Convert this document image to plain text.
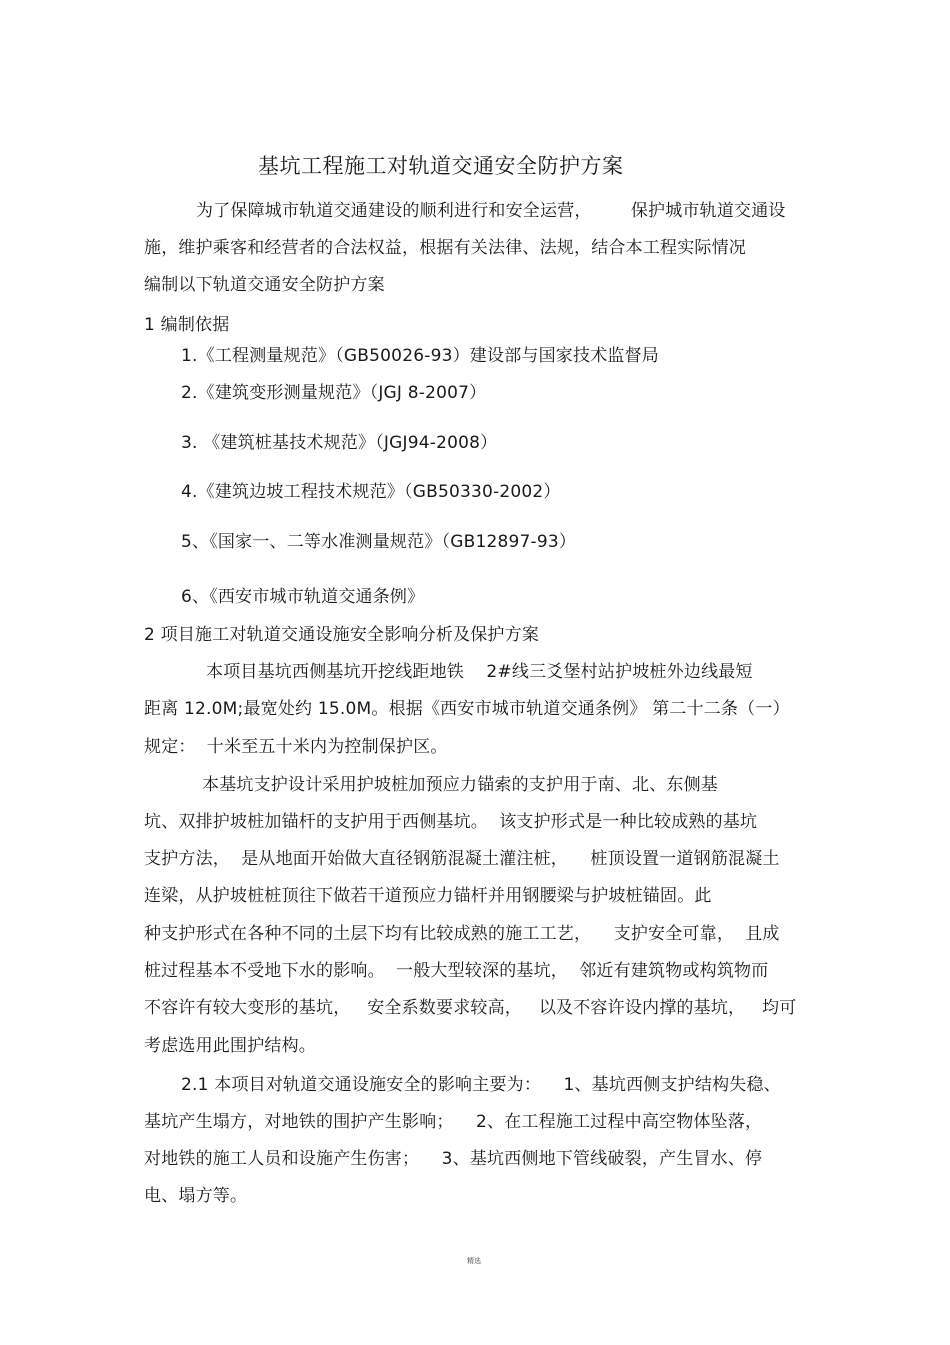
基坑工程施工对轨道交通安全防护方案
为了保障城市轨道交通建设的顺利进行和安全运营，       保护城市轨道交通设
施，维护乘客和经营者的合法权益，根据有关法律、法规，结合本工程实际情况
编制以下轨道交通安全防护方案
1 编制依据
1.《工程测量规范》（GB50026-93）建设部与国家技术监督局
2.《建筑变形测量规范》（JGJ 8-2007）
3. 《建筑桩基技术规范》（JGJ94-2008）
4.《建筑边坡工程技术规范》（GB50330-2002）
5、《国家一、二等水准测量规范》（GB12897-93）
6、《西安市城市轨道交通条例》
2 项目施工对轨道交通设施安全影响分析及保护方案
本项目基坑西侧基坑开挖线距地铁    2#线三爻堡村站护坡桩外边线最短
距离 12.0M;最宽处约 15.0M。根据《西安市城市轨道交通条例》 第二十二条（一）
规定：  十米至五十米内为控制保护区。
本基坑支护设计采用护坡桩加预应力锚索的支护用于南、北、东侧基
坑、双排护坡桩加锚杆的支护用于西侧基坑。  该支护形式是一种比较成熟的基坑
支护方法，  是从地面开始做大直径钢筋混凝土灌注桩，    桩顶设置一道钢筋混凝土
连梁，从护坡桩桩顶往下做若干道预应力锚杆并用钢腰梁与护坡桩锚固。此
种支护形式在各种不同的土层下均有比较成熟的施工工艺，    支护安全可靠，  且成
桩过程基本不受地下水的影响。  一般大型较深的基坑，  邻近有建筑物或构筑物而
不容许有较大变形的基坑，   安全系数要求较高，   以及不容许设内撑的基坑，   均可
考虑选用此围护结构。
2.1 本项目对轨道交通设施安全的影响主要为：    1、基坑西侧支护结构失稳、
基坑产生塌方，对地铁的围护产生影响；    2、在工程施工过程中高空物体坠落，
对地铁的施工人员和设施产生伤害；    3、基坑西侧地下管线破裂，产生冒水、停
电、塌方等。
精选
